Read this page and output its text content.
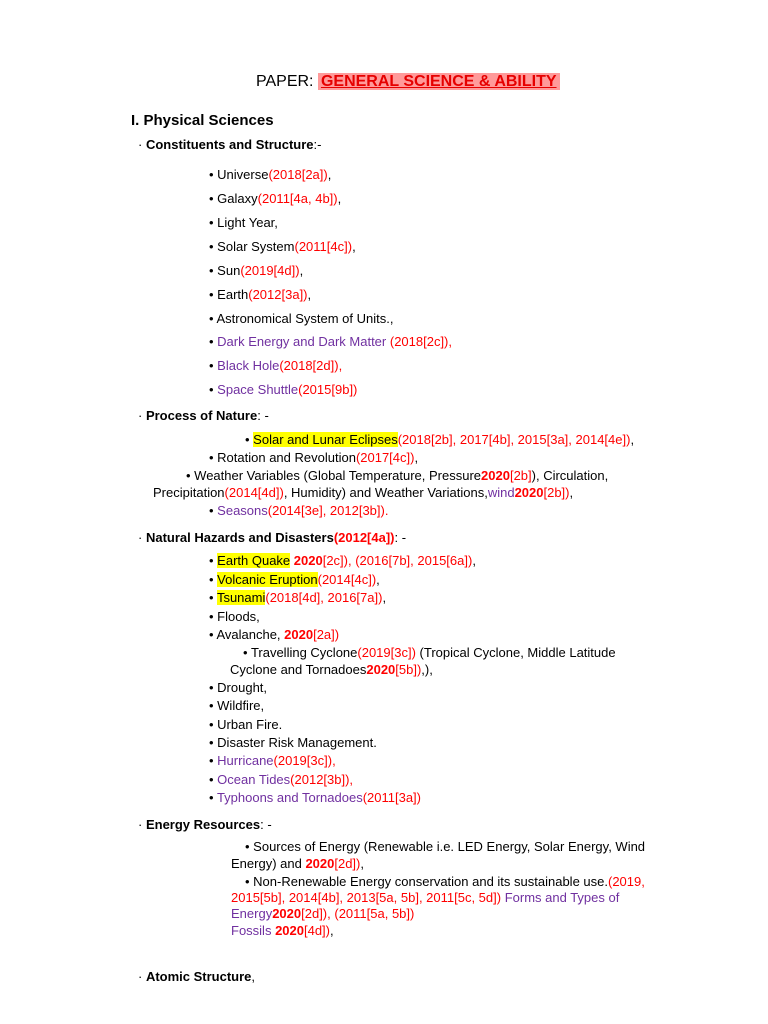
PAPER: GENERAL SCIENCE & ABILITY
I. Physical Sciences
· Constituents and Structure:-
• Universe(2018[2a]),
• Galaxy(2011[4a, 4b]),
• Light Year,
• Solar System(2011[4c]),
• Sun(2019[4d]),
• Earth(2012[3a]),
• Astronomical System of Units.,
• Dark Energy and Dark Matter (2018[2c]),
• Black Hole(2018[2d]),
• Space Shuttle(2015[9b])
· Process of Nature: -
• Solar and Lunar Eclipses(2018[2b], 2017[4b], 2015[3a], 2014[4e]),
• Rotation and Revolution(2017[4c]),
• Weather Variables (Global Temperature, Pressure2020[2b]), Circulation,
Precipitation(2014[4d]), Humidity) and Weather Variations,wind2020[2b]),
• Seasons(2014[3e], 2012[3b]).
· Natural Hazards and Disasters(2012[4a]): -
• Earth Quake 2020[2c]), (2016[7b], 2015[6a]),
• Volcanic Eruption(2014[4c]),
• Tsunami(2018[4d], 2016[7a]),
• Floods,
• Avalanche, 2020[2a])
• Travelling Cyclone(2019[3c]) (Tropical Cyclone, Middle Latitude
Cyclone and Tornadoes2020[5b]),),
• Drought,
• Wildfire,
• Urban Fire.
• Disaster Risk Management.
• Hurricane(2019[3c]),
• Ocean Tides(2012[3b]),
• Typhoons and Tornadoes(2011[3a])
· Energy Resources: -
• Sources of Energy (Renewable i.e. LED Energy, Solar Energy, Wind
Energy) and 2020[2d]),
• Non-Renewable Energy conservation and its sustainable use.(2019,
2015[5b], 2014[4b], 2013[5a, 5b], 2011[5c, 5d]) Forms and Types of
Energy2020[2d]), (2011[5a, 5b])
Fossils 2020[4d]),
· Atomic Structure,
